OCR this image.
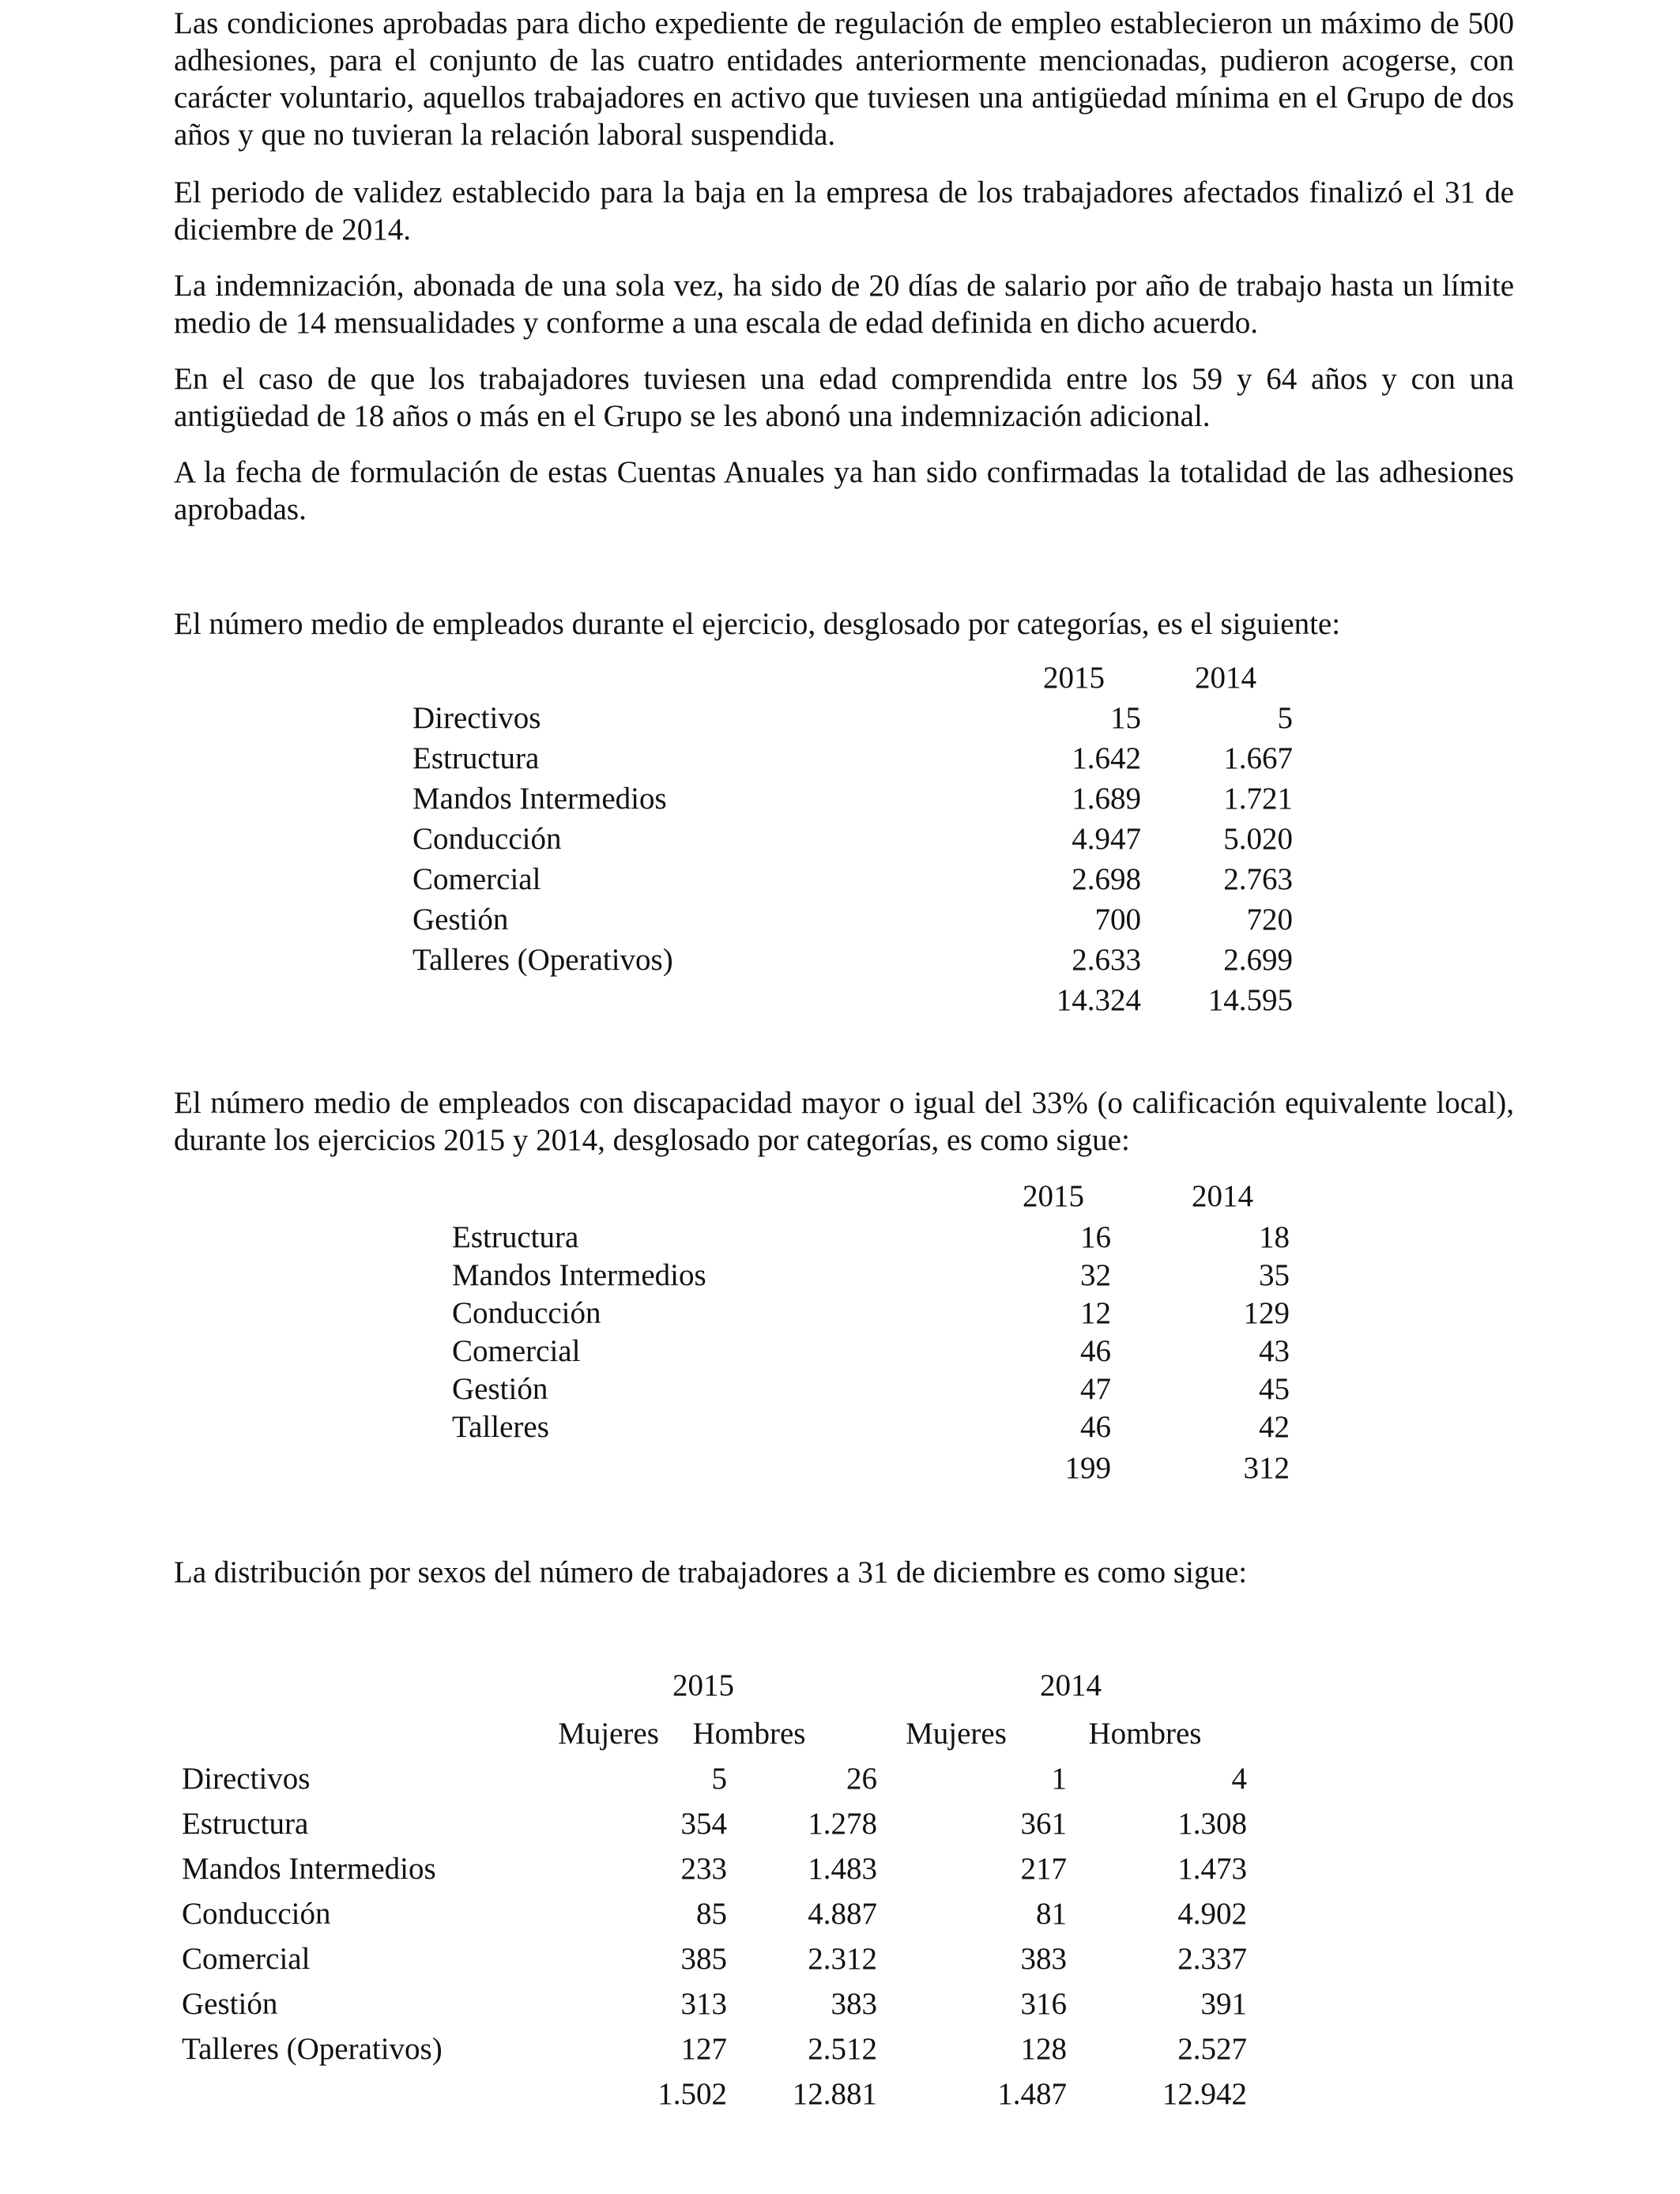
Las condiciones aprobadas para dicho expediente de regulación de empleo establecieron un máximo de 500 adhesiones, para el conjunto de las cuatro entidades anteriormente mencionadas, pudieron acogerse, con carácter voluntario, aquellos trabajadores en activo que tuviesen una antigüedad mínima en el Grupo de dos años y que no tuvieran la relación laboral suspendida.

El periodo de validez establecido para la baja en la empresa de los trabajadores afectados finalizó el 31 de diciembre de 2014.

La indemnización, abonada de una sola vez, ha sido de 20 días de salario por año de trabajo hasta un límite medio de 14 mensualidades y conforme a una escala de edad definida en dicho acuerdo.

En el caso de que los trabajadores tuviesen una edad comprendida entre los 59 y 64 años y con una antigüedad de 18 años o más en el Grupo se les abonó una indemnización adicional.

A la fecha de formulación de estas Cuentas Anuales ya han sido confirmadas la totalidad de las adhesiones aprobadas.

El número medio de empleados durante el ejercicio, desglosado por categorías, es el siguiente:

2015	2014
Directivos	15	5
Estructura	1.642	1.667
Mandos Intermedios	1.689	1.721
Conducción	4.947	5.020
Comercial	2.698	2.763
Gestión	700	720
Talleres (Operativos)	2.633	2.699
14.324	14.595

El número medio de empleados con discapacidad mayor o igual del 33% (o calificación equivalente local), durante los ejercicios 2015 y 2014, desglosado por categorías, es como sigue:

2015	2014
Estructura	16	18
Mandos Intermedios	32	35
Conducción	12	129
Comercial	46	43
Gestión	47	45
Talleres	46	42
199	312

La distribución por sexos del número de trabajadores a 31 de diciembre es como sigue:

2015	2014
Mujeres	Hombres	Mujeres	Hombres
Directivos	5	26	1	4
Estructura	354	1.278	361	1.308
Mandos Intermedios	233	1.483	217	1.473
Conducción	85	4.887	81	4.902
Comercial	385	2.312	383	2.337
Gestión	313	383	316	391
Talleres (Operativos)	127	2.512	128	2.527
1.502	12.881	1.487	12.942
